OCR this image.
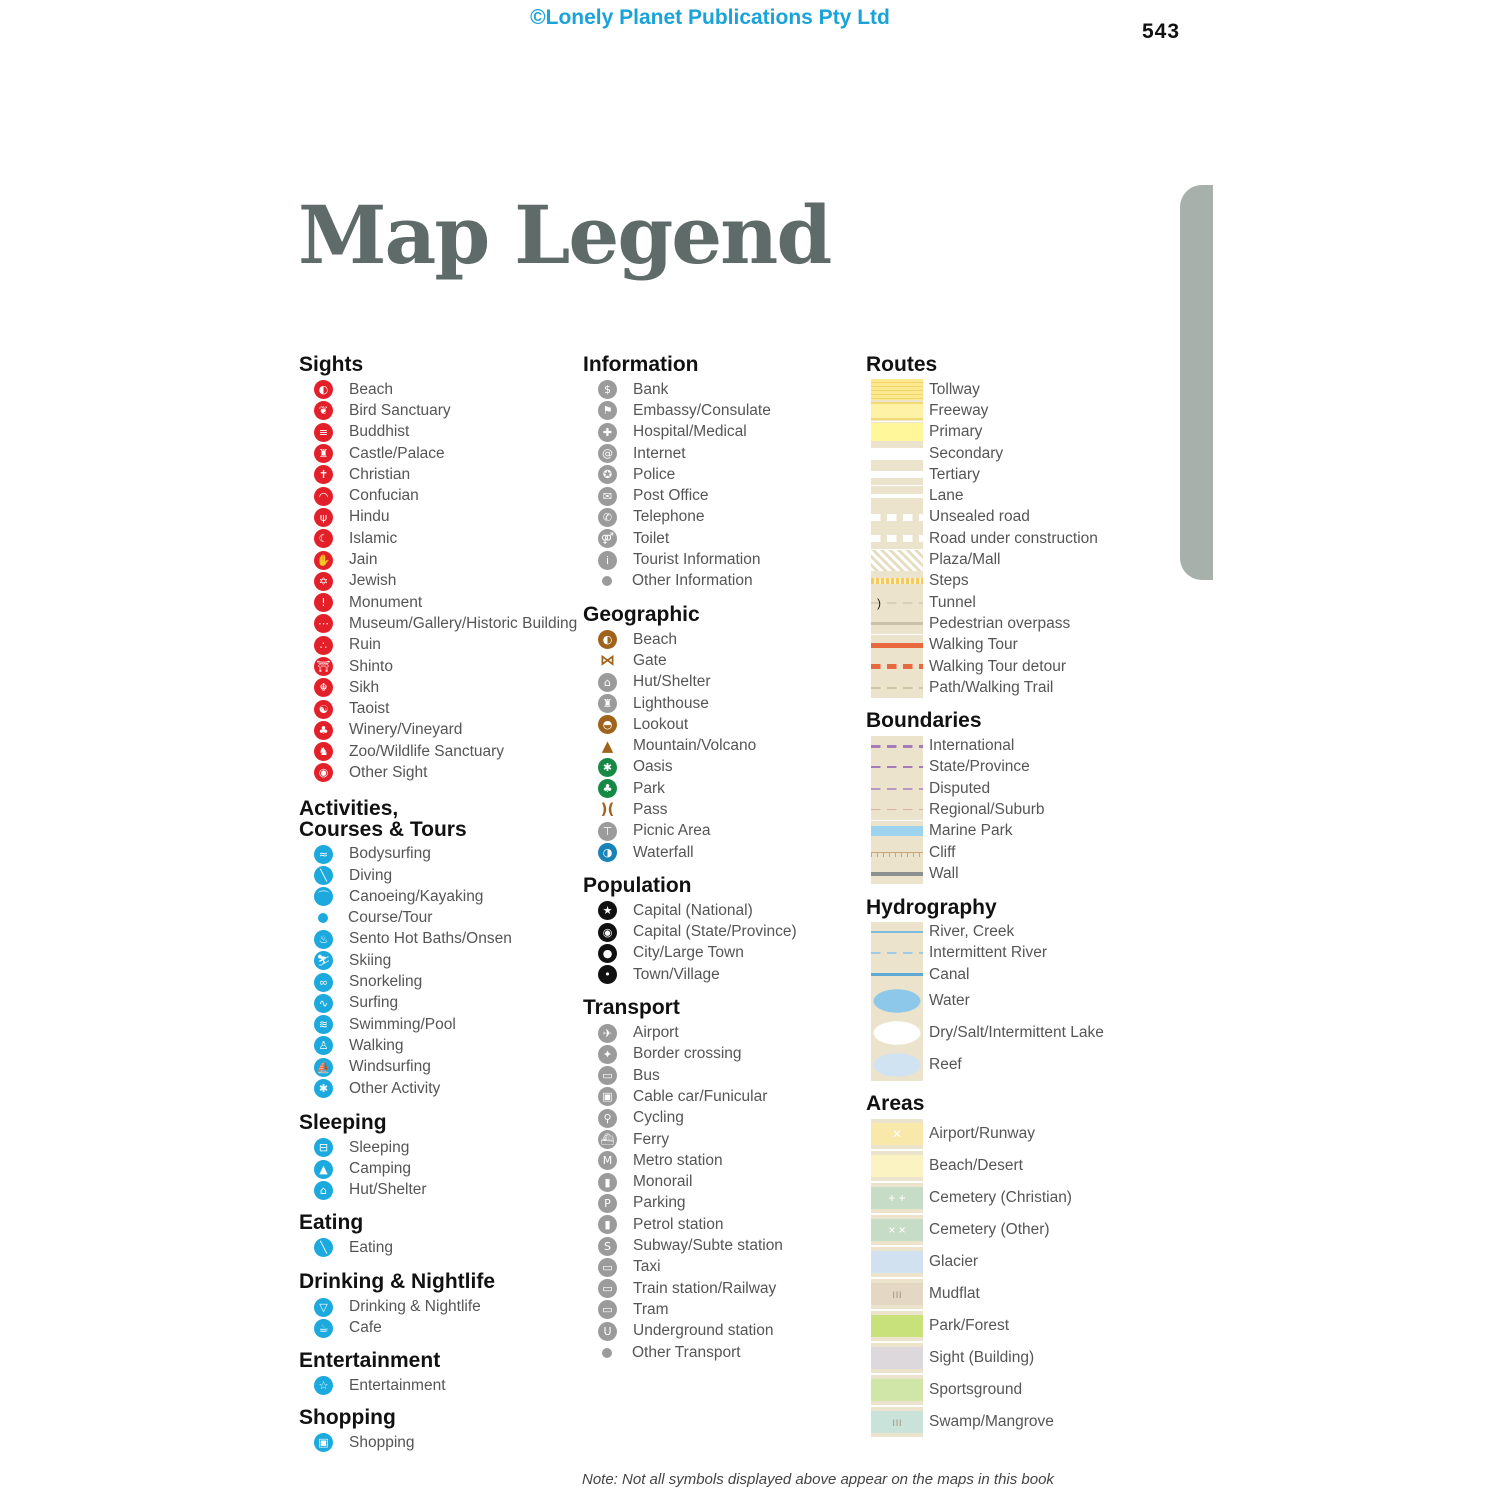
©Lonely Planet Publications Pty Ltd
543
Map Legend
Sights
◐	Beach
❦	Bird Sanctuary
≡	Buddhist
♜ Castle/Palace
✝	Christian
◠	Confucian
ψ	Hindu
☾ Islamic
✋ Jain
✡	Jewish
!	Monument
⋯ Museum/Gallery/Historic Building
∴	Ruin
⛩ Shinto
☬	Sikh
☯ Taoist
♣ Winery/Vineyard
♞ Zoo/Wildlife Sanctuary
◉	Other Sight
Activities,
Courses & Tours
≈	Bodysurfing
╲	Diving
⌒ Canoeing/Kayaking
Course/Tour
♨ Sento Hot Baths/Onsen
⛷ Skiing
∞	Snorkeling
∿	Surfing
≋	Swimming/Pool
♙ Walking
⛵ Windsurfing
✱	Other Activity
Sleeping
⊟	Sleeping
▲	Camping
⌂	Hut/Shelter
Eating
╲	Eating
Drinking & Nightlife
▽	Drinking & Nightlife
☕ Cafe
Entertainment
☆ Entertainment
Shopping
▣ Shopping
Information
$	Bank
⚑ Embassy/Consulate
✚	Hospital/Medical
@ Internet
✪	Police
✉	Post Office
✆	Telephone
⚤ Toilet
i	Tourist Information
Other Information
Geographic
◐	Beach
⋈ Gate
⌂	Hut/Shelter
♜ Lighthouse
◓	Lookout
▲ Mountain/Volcano
✱	Oasis
♣ Park
)( Pass
⊤	Picnic Area
◑	Waterfall
Population
★ Capital (National)
◉	Capital (State/Province)
●	City/Large Town
•	Town/Village
Transport
✈	Airport
✦	Border crossing
▭ Bus
▣ Cable car/Funicular
⚲	Cycling
⛴ Ferry
M	Metro station
▮	Monorail
P	Parking
▮	Petrol station
S	Subway/Subte station
▭ Taxi
▭ Train station/Railway
▭ Tram
U	Underground station
Other Transport
Routes
Tollway
Freeway
Primary
Secondary
Tertiary
Lane
Unsealed road
Road under construction
Plaza/Mall
Steps
)	Tunnel
Pedestrian overpass
Walking Tour
Walking Tour detour
Path/Walking Trail
Boundaries
International
State/Province
Disputed
Regional/Suburb
Marine Park
Cliff
Wall
Hydrography
River, Creek
Intermittent River
Canal
Water
Dry/Salt/Intermittent Lake
Reef
Areas
✕	Airport/Runway
Beach/Desert
+ +	Cemetery (Christian)
× ×	Cemetery (Other)
Glacier
ııı	Mudflat
Park/Forest
Sight (Building)
Sportsground
ııı	Swamp/Mangrove
Note: Not all symbols displayed above appear on the maps in this book
